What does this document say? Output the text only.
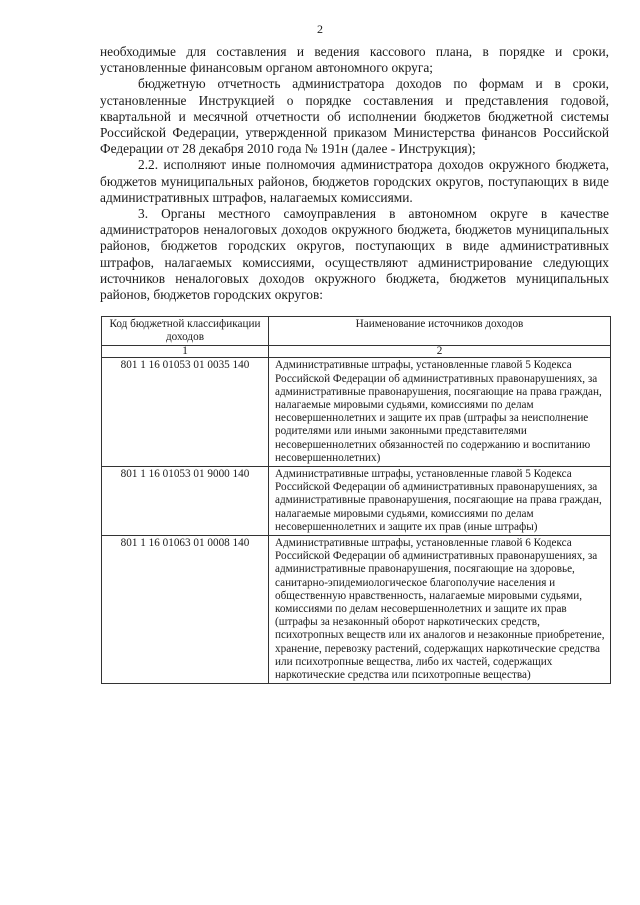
2

необходимые для составления и ведения кассового плана, в порядке и сроки, установленные финансовым органом автономного округа;

бюджетную отчетность администратора доходов по формам и в сроки, установленные Инструкцией о порядке составления и представления годовой, квартальной и месячной отчетности об исполнении бюджетов бюджетной системы Российской Федерации, утвержденной приказом Министерства финансов Российской Федерации от 28 декабря 2010 года № 191н (далее - Инструкция);

2.2. исполняют иные полномочия администратора доходов окружного бюджета, бюджетов муниципальных районов, бюджетов городских округов, поступающих в виде административных штрафов, налагаемых комиссиями.

3. Органы местного самоуправления в автономном округе в качестве администраторов неналоговых доходов окружного бюджета, бюджетов муниципальных районов, бюджетов городских округов, поступающих в виде административных штрафов, налагаемых комиссиями, осуществляют администрирование следующих источников неналоговых доходов окружного бюджета, бюджетов муниципальных районов, бюджетов городских округов:

Код бюджетной классификации доходов	Наименование источников доходов
1	2
801 1 16 01053 01 0035 140	Административные штрафы, установленные главой 5 Кодекса Российской Федерации об административных правонарушениях, за административные правонарушения, посягающие на права граждан, налагаемые мировыми судьями, комиссиями по делам несовершеннолетних и защите их прав (штрафы за неисполнение родителями или иными законными представителями несовершеннолетних обязанностей по содержанию и воспитанию несовершеннолетних)
801 1 16 01053 01 9000 140	Административные штрафы, установленные главой 5 Кодекса Российской Федерации об административных правонарушениях, за административные правонарушения, посягающие на права граждан, налагаемые мировыми судьями, комиссиями по делам несовершеннолетних и защите их прав (иные штрафы)
801 1 16 01063 01 0008 140	Административные штрафы, установленные главой 6 Кодекса Российской Федерации об административных правонарушениях, за административные правонарушения, посягающие на здоровье, санитарно-эпидемиологическое благополучие населения и общественную нравственность, налагаемые мировыми судьями, комиссиями по делам несовершеннолетних и защите их прав (штрафы за незаконный оборот наркотических средств, психотропных веществ или их аналогов и незаконные приобретение, хранение, перевозку растений, содержащих наркотические средства или психотропные вещества, либо их частей, содержащих наркотические средства или психотропные вещества)
